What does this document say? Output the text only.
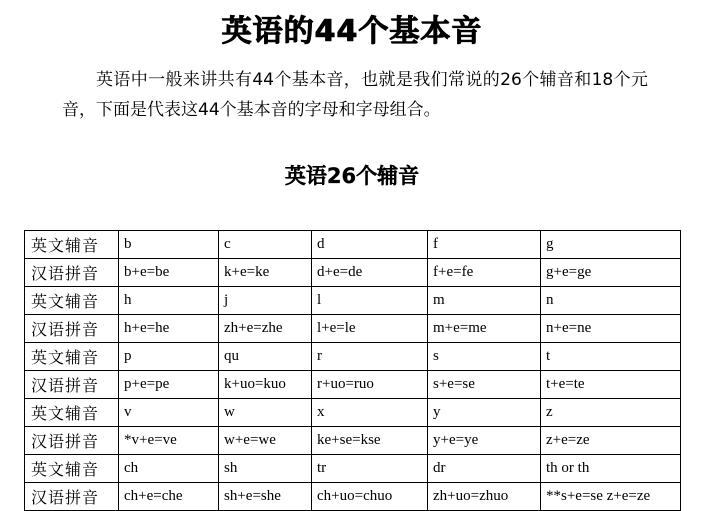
英语的44个基本音

英语中一般来讲共有44个基本音，也就是我们常说的26个辅音和18个元音，下面是代表这44个基本音的字母和字母组合。

英语26个辅音
英文辅音	b	c	d	f	g
汉语拼音	b+e=be	k+e=ke	d+e=de	f+e=fe	g+e=ge
英文辅音	h	j	l	m	n
汉语拼音	h+e=he	zh+e=zhe	l+e=le	m+e=me	n+e=ne
英文辅音	p	qu	r	s	t
汉语拼音	p+e=pe	k+uo=kuo	r+uo=ruo	s+e=se	t+e=te
英文辅音	v	w	x	y	z
汉语拼音	*v+e=ve	w+e=we	ke+se=kse	y+e=ye	z+e=ze
英文辅音	ch	sh	tr	dr	th or th
汉语拼音	ch+e=che	sh+e=she	ch+uo=chuo	zh+uo=zhuo	**s+e=se z+e=ze
